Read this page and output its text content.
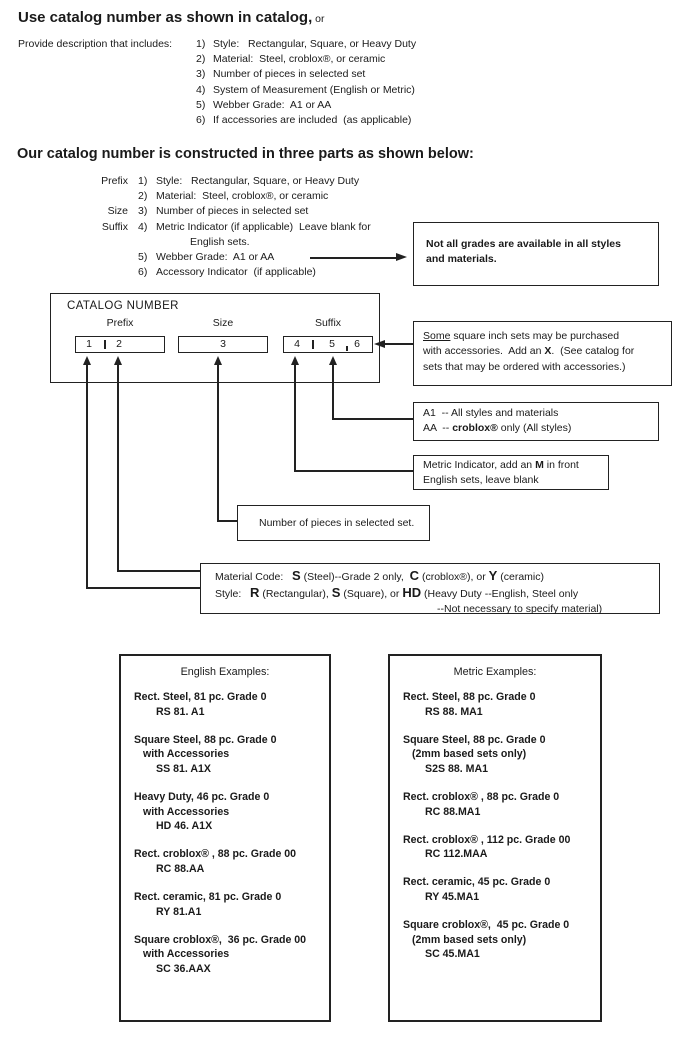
Use catalog number as shown in catalog, or
Provide description that includes: 1) Style:   Rectangular, Square, or Heavy Duty
2) Material:  Steel, croblox®, or ceramic
3) Number of pieces in selected set
4) System of Measurement (English or Metric)
5) Webber Grade:  A1 or AA
6) If accessories are included  (as applicable)
Our catalog number is constructed in three parts as shown below:
Prefix 1) Style:   Rectangular, Square, or Heavy Duty
2) Material:  Steel, croblox®, or ceramic
Size 3) Number of pieces in selected set
Suffix 4) Metric Indicator (if applicable)  Leave blank for
English sets.
5) Webber Grade:  A1 or AA
6) Accessory Indicator  (if applicable)
Not all grades are available in all styles
and materials.
CATALOG NUMBER
Prefix	Size	Suffix
1	2	3	4	5	6
Some square inch sets may be purchased
with accessories.  Add an X.  (See catalog for
sets that may be ordered with accessories.)
A1  -- All styles and materials
AA  -- croblox® only (All styles)
Metric Indicator, add an M in front
English sets, leave blank
Number of pieces in selected set.
Material Code:   S (Steel)--Grade 2 only,  C (croblox®), or Y (ceramic)
Style:   R (Rectangular), S (Square), or HD (Heavy Duty --English, Steel only
--Not necessary to specify material)
English Examples:
Rect. Steel, 81 pc. Grade 0
RS 81. A1
Square Steel, 88 pc. Grade 0
with Accessories
SS 81. A1X
Heavy Duty, 46 pc. Grade 0
with Accessories
HD 46. A1X
Rect. croblox® , 88 pc. Grade 00
RC 88.AA
Rect. ceramic, 81 pc. Grade 0
RY 81.A1
Square croblox®,  36 pc. Grade 00
with Accessories
SC 36.AAX
Metric Examples:
Rect. Steel, 88 pc. Grade 0
RS 88. MA1
Square Steel, 88 pc. Grade 0
(2mm based sets only)
S2S 88. MA1
Rect. croblox® , 88 pc. Grade 0
RC 88.MA1
Rect. croblox® , 112 pc. Grade 00
RC 112.MAA
Rect. ceramic, 45 pc. Grade 0
RY 45.MA1
Square croblox®,  45 pc. Grade 0
(2mm based sets only)
SC 45.MA1
